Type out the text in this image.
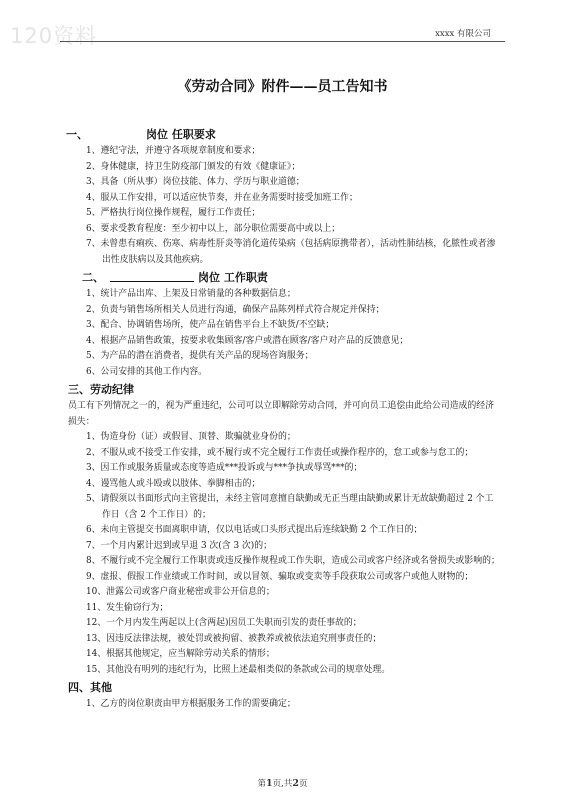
120资料	xxxx 有限公司
《劳动合同》附件——员工告知书
一、	岗位 任职要求
1、遵纪守法，并遵守各项规章制度和要求；
2、身体健康，持卫生防疫部门颁发的有效《健康证》；
3、具备（所从事）岗位技能、体力、学历与职业道德；
4、服从工作安排，可以适应快节奏，并在业务需要时接受加班工作；
5、严格执行岗位操作规程，履行工作责任；
6、要求受教育程度：至少初中以上，部分职位需要高中或以上；
7、未曾患有痢疾、伤寒、病毒性肝炎等消化道传染病（包括病原携带者），活动性肺结核，化脓性或者渗出性皮肤病以及其他疾病。
二、	岗位 工作职责
1、统计产品出库、上架及日常销量的各种数据信息；
2、负责与销售场所相关人员进行沟通，确保产品陈列样式符合规定并保持；
3、配合、协调销售场所，使产品在销售平台上不缺货/不空缺；
4、根据产品销售政策，按要求收集顾客/客户或潜在顾客/客户对产品的反馈意见；
5、为产品的潜在消费者，提供有关产品的现场咨询服务；
6、公司安排的其他工作内容。
三、劳动纪律
员工有下列情况之一的，视为严重违纪，公司可以立即解除劳动合同，并可向员工追偿由此给公司造成的经济损失：
1、伪造身份（证）或假冒、顶替、欺骗就业身份的；
2、不服从或不接受工作安排，或不履行或不完全履行工作责任或操作程序的，怠工或参与怠工的；
3、因工作或服务质量或态度等造成***投诉或与***争执或辱骂***的；
4、谩骂他人或斗殴或以肢体、拳脚相击的；
5、请假须以书面形式向主管提出，未经主管同意擅自缺勤或无正当理由缺勤或累计无故缺勤超过 2 个工作日（含 2 个工作日）的；
6、未向主管提交书面离职申请，仅以电话或口头形式提出后连续缺勤 2 个工作日的；
7、一个月内累计迟到或早退 3 次(含 3 次)的；
8、不履行或不完全履行工作职责或违反操作规程或工作失职，造成公司或客户经济或名誉损失或影响的；
9、虚报、假报工作业绩或工作时间，或以冒领、骗取或变卖等手段获取公司或客户或他人财物的；
10、泄露公司或客户商业秘密或非公开信息的；
11、发生偷窃行为；
12、一个月内发生两起以上(含两起)因员工失职而引发的责任事故的；
13、因违反法律法规，被处罚或被拘留、被教养或被依法追究刑事责任的；
14、根据其他规定，应当解除劳动关系的情形；
15、其他没有明列的违纪行为，比照上述最相类似的条款或公司的规章处理。
四、其他
1、乙方的岗位职责由甲方根据服务工作的需要确定；
第1页,共2页
